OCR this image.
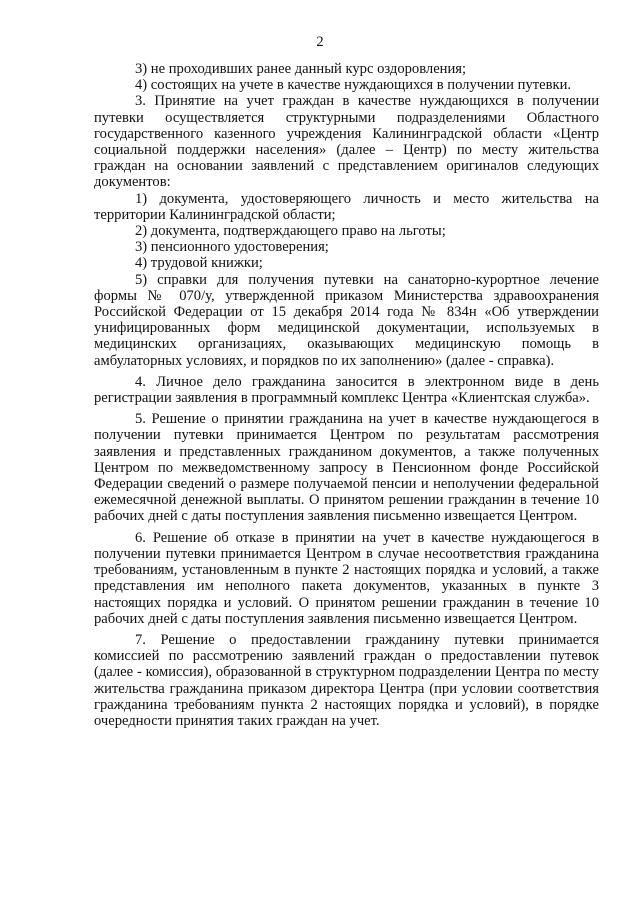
2

3) не проходивших ранее данный курс оздоровления;

4) состоящих на учете в качестве нуждающихся в получении путевки.

3. Принятие на учет граждан в качестве нуждающихся в получении путевки осуществляется структурными подразделениями Областного государственного казенного учреждения Калининградской области «Центр социальной поддержки населения» (далее – Центр) по месту жительства граждан на основании заявлений с представлением оригиналов следующих документов:

1) документа, удостоверяющего личность и место жительства на территории Калининградской области;

2) документа, подтверждающего право на льготы;

3) пенсионного удостоверения;

4) трудовой книжки;

5) справки для получения путевки на санаторно-курортное лечение формы № 070/у, утвержденной приказом Министерства здравоохранения Российской Федерации от 15 декабря 2014 года № 834н «Об утверждении унифицированных форм медицинской документации, используемых в медицинских организациях, оказывающих медицинскую помощь в амбулаторных условиях, и порядков по их заполнению» (далее - справка).

4. Личное дело гражданина заносится в электронном виде в день регистрации заявления в программный комплекс Центра «Клиентская служба».

5. Решение о принятии гражданина на учет в качестве нуждающегося в получении путевки принимается Центром по результатам рассмотрения заявления и представленных гражданином документов, а также полученных Центром по межведомственному запросу в Пенсионном фонде Российской Федерации сведений о размере получаемой пенсии и неполучении федеральной ежемесячной денежной выплаты. О принятом решении гражданин в течение 10 рабочих дней с даты поступления заявления письменно извещается Центром.

6. Решение об отказе в принятии на учет в качестве нуждающегося в получении путевки принимается Центром в случае несоответствия гражданина требованиям, установленным в пункте 2 настоящих порядка и условий, а также представления им неполного пакета документов, указанных в пункте 3 настоящих порядка и условий. О принятом решении гражданин в течение 10 рабочих дней с даты поступления заявления письменно извещается Центром.

7. Решение о предоставлении гражданину путевки принимается комиссией по рассмотрению заявлений граждан о предоставлении путевок (далее - комиссия), образованной в структурном подразделении Центра по месту жительства гражданина приказом директора Центра (при условии соответствия гражданина требованиям пункта 2 настоящих порядка и условий), в порядке очередности принятия таких граждан на учет.
